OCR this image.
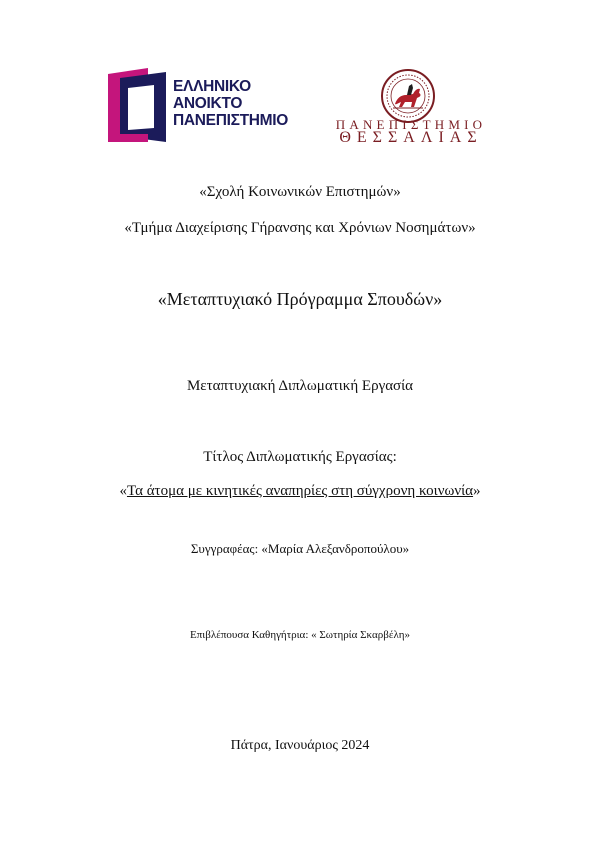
ΕΛΛΗΝΙΚΟ
ΑΝΟΙΚΤΟ
ΠΑΝΕΠΙΣΤΗΜΙΟ	ΠΑΝΕΠΙΣΤΗΜΙΟ
ΘΕΣΣΑΛΙΑΣ
«Σχολή Κοινωνικών Επιστημών»
«Τμήμα Διαχείρισης Γήρανσης και Χρόνιων Νοσημάτων»
«Μεταπτυχιακό Πρόγραμμα Σπουδών»
Μεταπτυχιακή Διπλωματική Εργασία
Τίτλος Διπλωματικής Εργασίας:
«Τα άτομα με κινητικές αναπηρίες στη σύγχρονη κοινωνία»
Συγγραφέας: «Μαρία Αλεξανδροπούλου»
Επιβλέπουσα Καθηγήτρια: « Σωτηρία Σκαρβέλη»
Πάτρα, Ιανουάριος 2024
